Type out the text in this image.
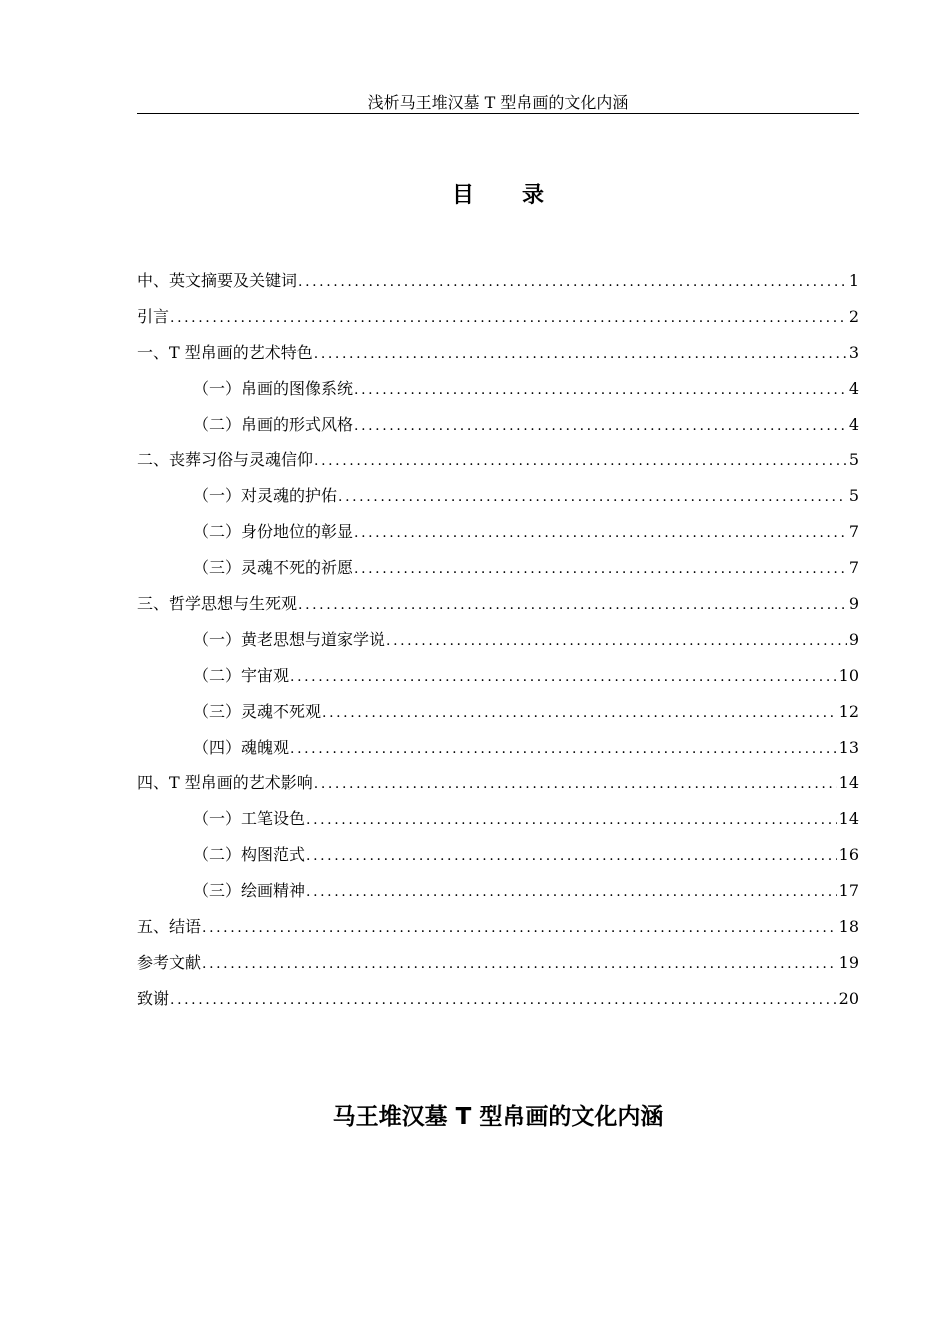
浅析马王堆汉墓 T 型帛画的文化内涵
目 录
中、英文摘要及关键词 .....	1
引言 .....	2
一、T 型帛画的艺术特色 .....	3
（一）帛画的图像系统 .....	4
（二）帛画的形式风格 .....	4
二、丧葬习俗与灵魂信仰 .....	5
（一）对灵魂的护佑 .....	5
（二）身份地位的彰显 .....	7
（三）灵魂不死的祈愿 .....	7
三、哲学思想与生死观 .....	9
（一）黄老思想与道家学说 .....	9
（二）宇宙观 .....	10
（三）灵魂不死观 .....	12
（四）魂魄观 .....	13
四、T 型帛画的艺术影响 .....	14
（一）工笔设色 .....	14
（二）构图范式 .....	16
（三）绘画精神 .....	17
五、结语 .....	18
参考文献 .....	19
致谢 .....	20
马王堆汉墓 T 型帛画的文化内涵
